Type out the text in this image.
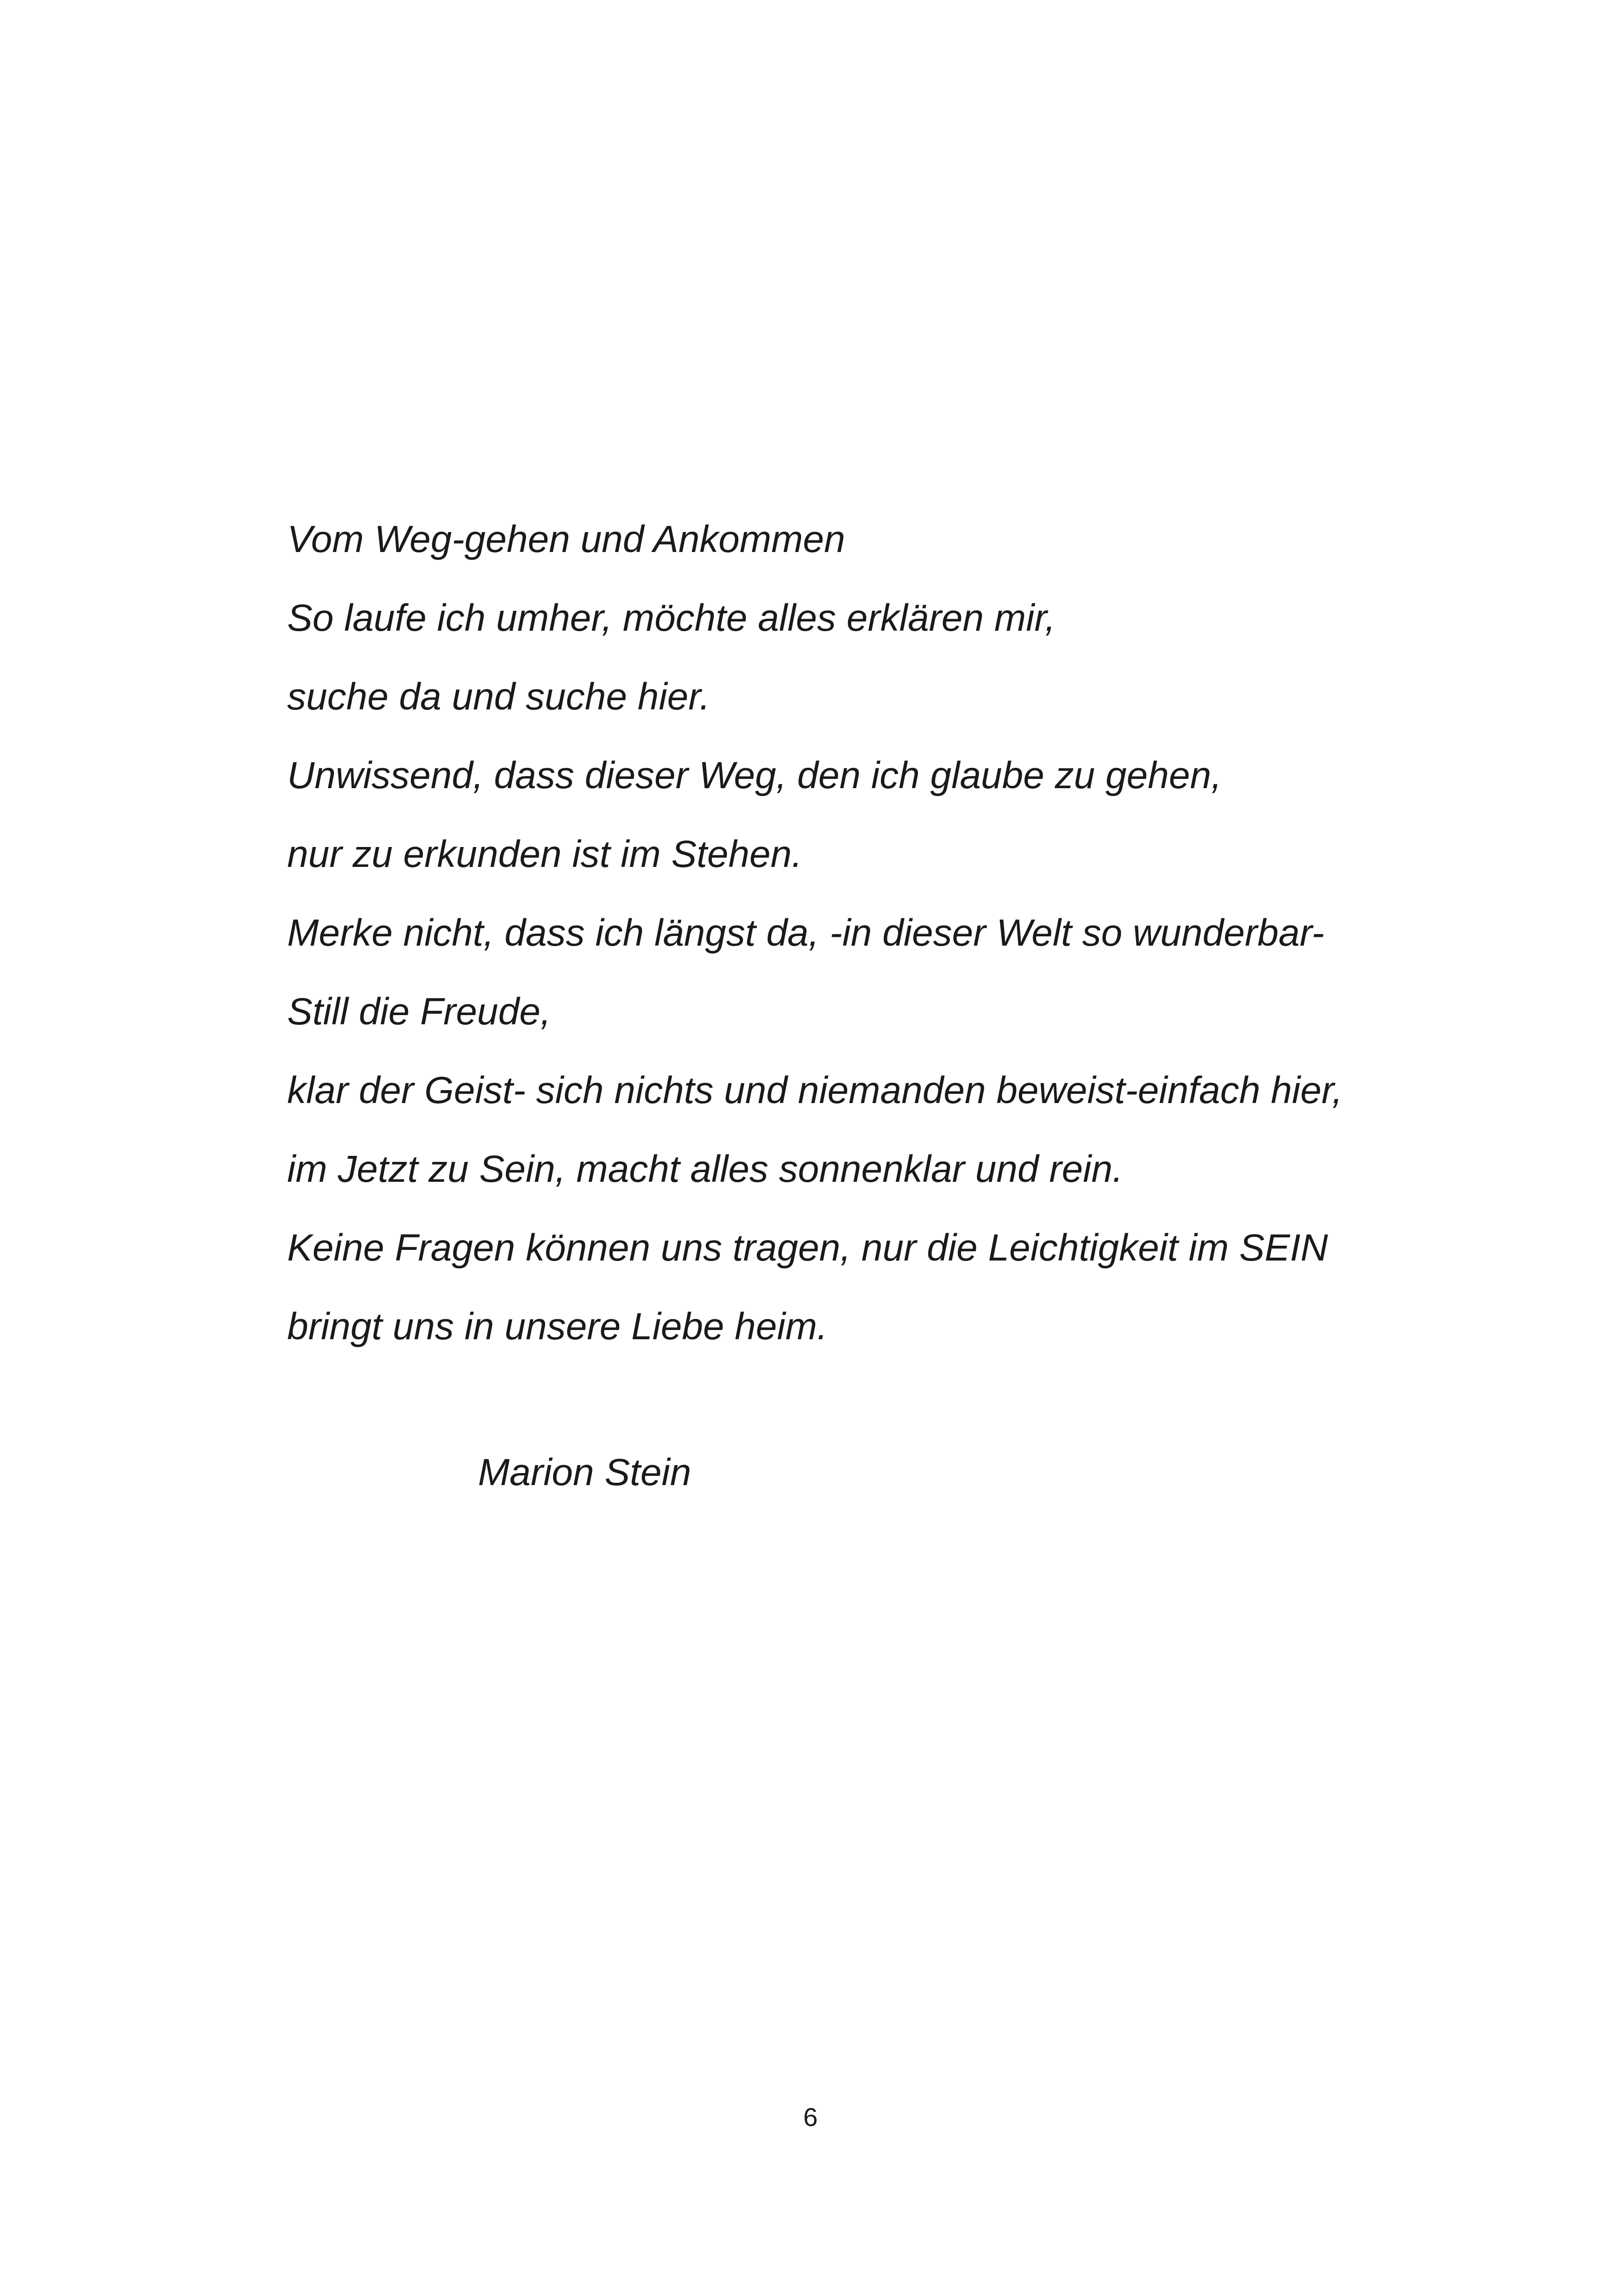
Vom Weg-gehen und Ankommen
So laufe ich umher, möchte alles erklären mir,
suche da und suche hier.
Unwissend, dass dieser Weg, den ich glaube zu gehen,
nur zu erkunden ist im Stehen.
Merke nicht, dass ich längst da, -in dieser Welt so wunderbar-
Still die Freude,
klar der Geist- sich nichts und niemanden beweist-einfach hier,
im Jetzt zu Sein, macht alles sonnenklar und rein.
Keine Fragen können uns tragen, nur die Leichtigkeit im SEIN
bringt uns in unsere Liebe heim.
Marion Stein
6
